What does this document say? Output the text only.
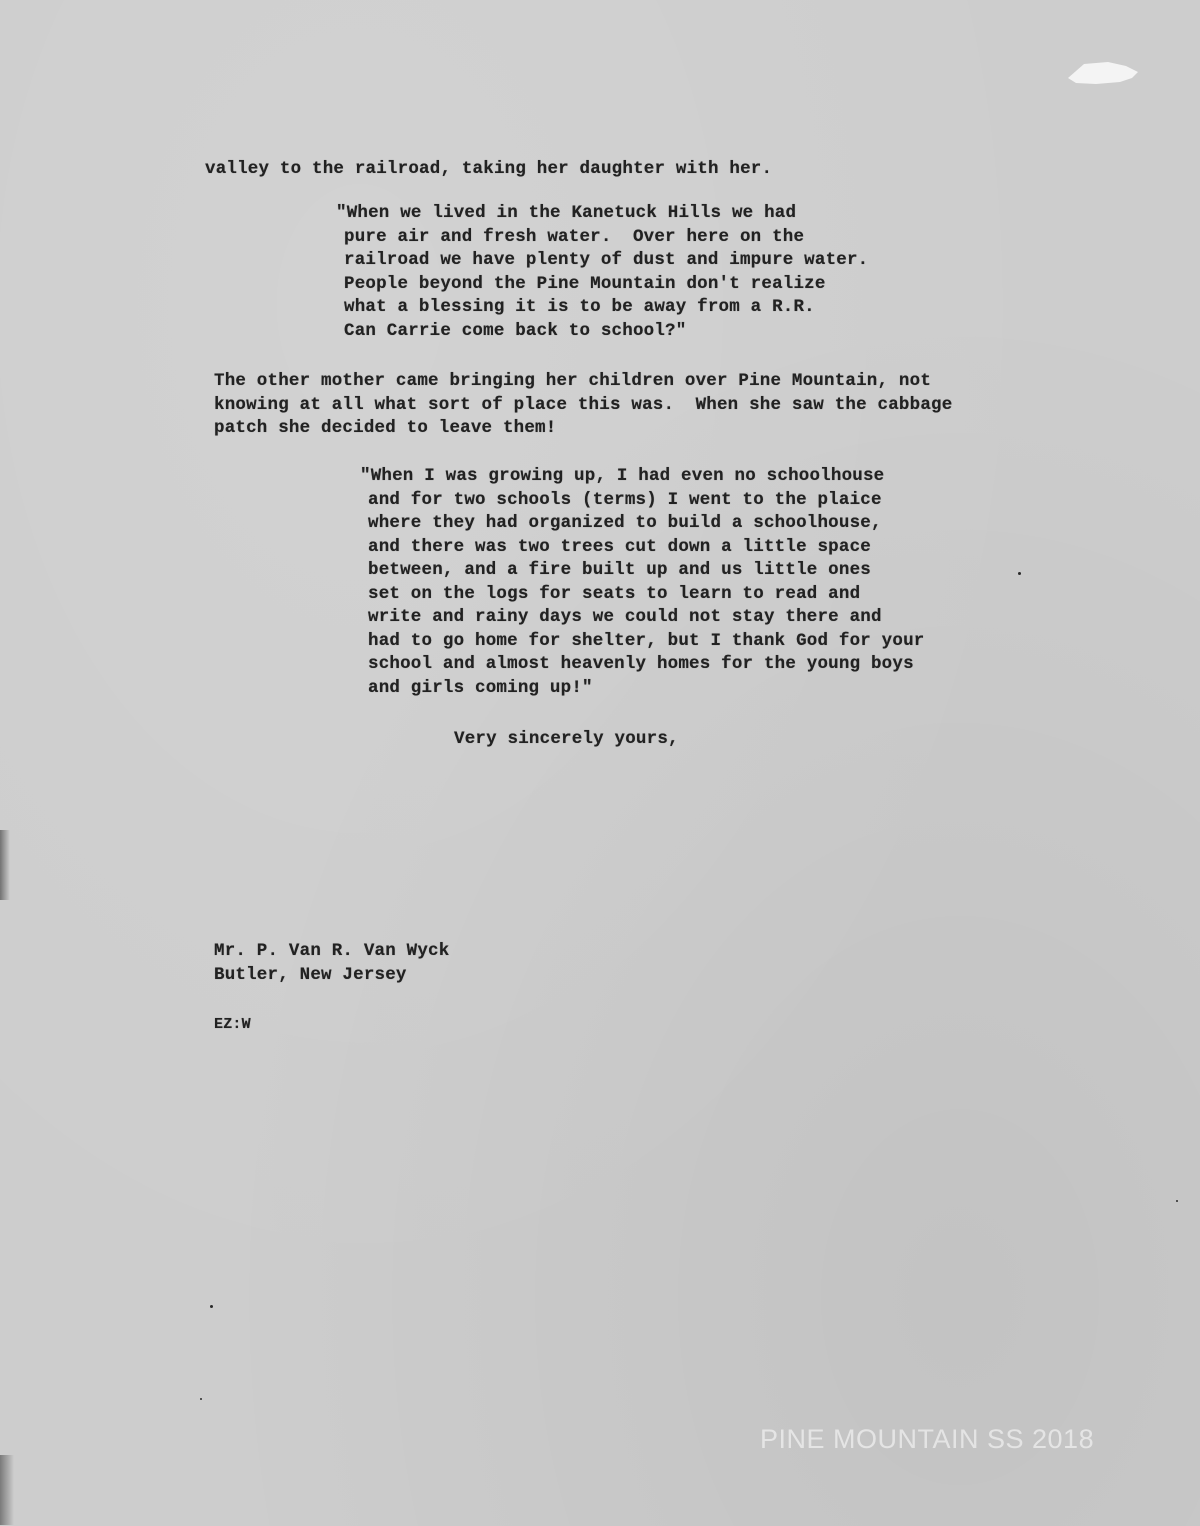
valley to the railroad, taking her daughter with her.

"When we lived in the Kanetuck Hills we had
pure air and fresh water.  Over here on the
railroad we have plenty of dust and impure water.
People beyond the Pine Mountain don't realize
what a blessing it is to be away from a R.R.
Can Carrie come back to school?"
The other mother came bringing her children over Pine Mountain, not
knowing at all what sort of place this was.  When she saw the cabbage
patch she decided to leave them!
"When I was growing up, I had even no schoolhouse
and for two schools (terms) I went to the plaice
where they had organized to build a schoolhouse,
and there was two trees cut down a little space
between, and a fire built up and us little ones
set on the logs for seats to learn to read and
write and rainy days we could not stay there and
had to go home for shelter, but I thank God for your
school and almost heavenly homes for the young boys
and girls coming up!"

Very sincerely yours,

Mr. P. Van R. Van Wyck
Butler, New Jersey

EZ:W

PINE MOUNTAIN SS 2018
